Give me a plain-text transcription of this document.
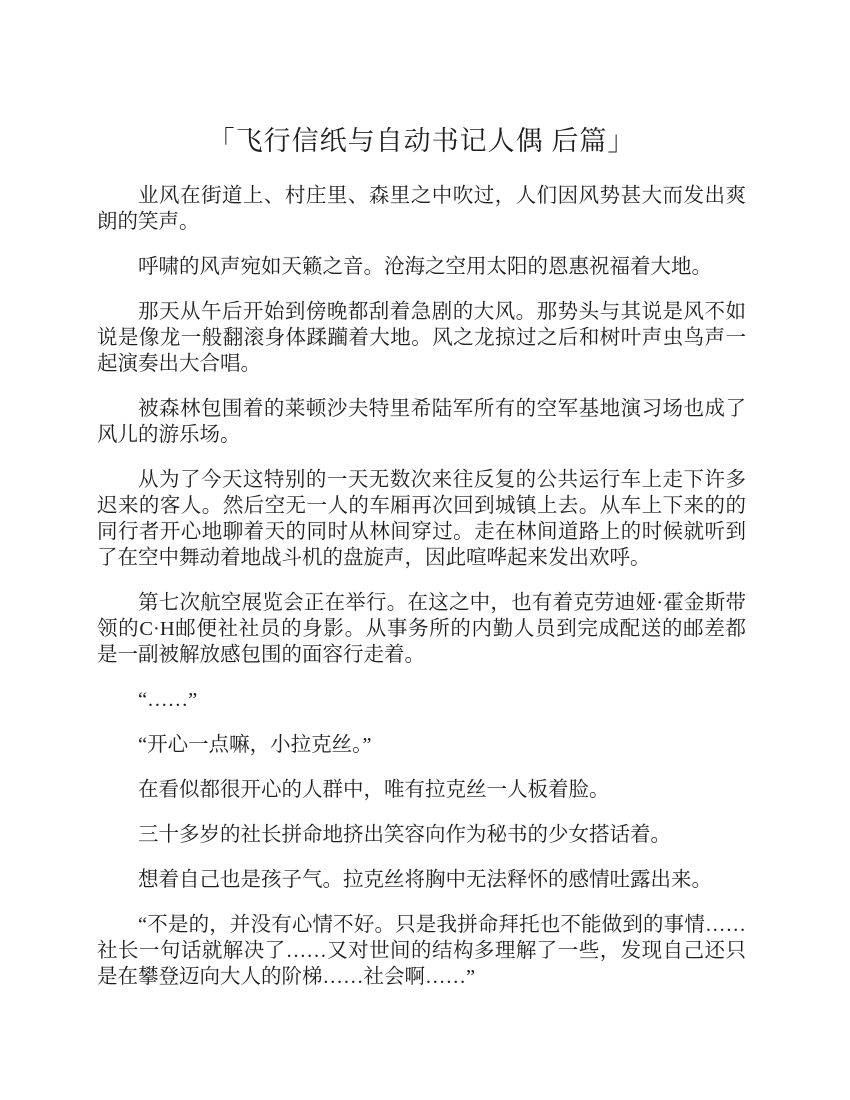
「飞行信纸与自动书记人偶 后篇」

业风在街道上、村庄里、森里之中吹过，人们因风势甚大而发出爽朗的笑声。

呼啸的风声宛如天籁之音。沧海之空用太阳的恩惠祝福着大地。

那天从午后开始到傍晚都刮着急剧的大风。那势头与其说是风不如说是像龙一般翻滚身体蹂躏着大地。风之龙掠过之后和树叶声虫鸟声一起演奏出大合唱。

被森林包围着的莱顿沙夫特里希陆军所有的空军基地演习场也成了风儿的游乐场。

从为了今天这特别的一天无数次来往反复的公共运行车上走下许多迟来的客人。然后空无一人的车厢再次回到城镇上去。从车上下来的的同行者开心地聊着天的同时从林间穿过。走在林间道路上的时候就听到了在空中舞动着地战斗机的盘旋声，因此喧哗起来发出欢呼。

第七次航空展览会正在举行。在这之中，也有着克劳迪娅·霍金斯带领的C·H邮便社社员的身影。从事务所的内勤人员到完成配送的邮差都是一副被解放感包围的面容行走着。

“……”

“开心一点嘛，小拉克丝。”

在看似都很开心的人群中，唯有拉克丝一人板着脸。

三十多岁的社长拼命地挤出笑容向作为秘书的少女搭话着。

想着自己也是孩子气。拉克丝将胸中无法释怀的感情吐露出来。

“不是的，并没有心情不好。只是我拼命拜托也不能做到的事情……社长一句话就解决了……又对世间的结构多理解了一些，发现自己还只是在攀登迈向大人的阶梯……社会啊……”
